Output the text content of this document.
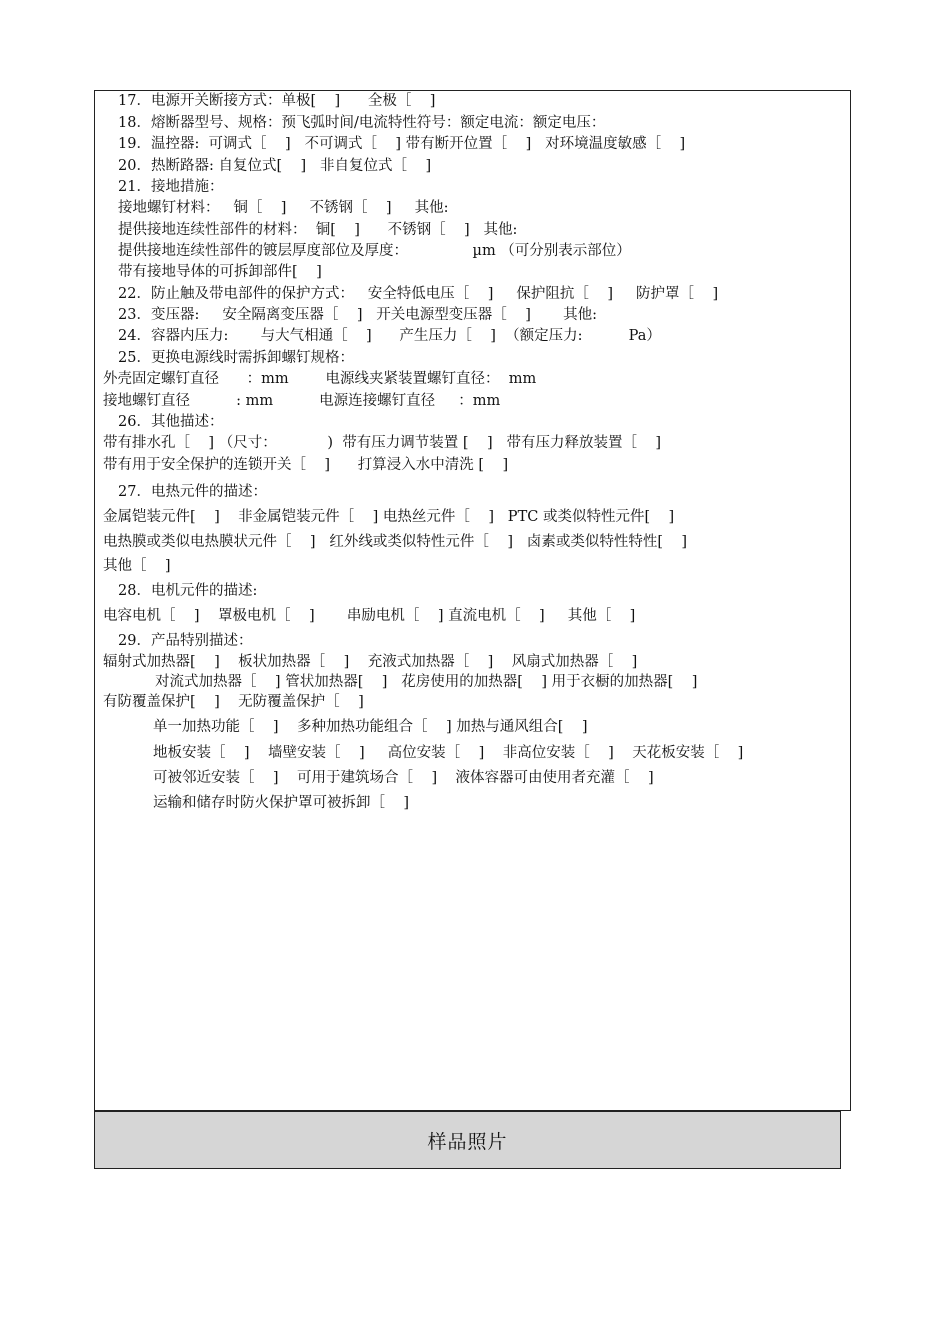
17．电源开关断接方式：单极[    ]      全极［    ]
18．熔断器型号、规格：预飞弧时间/电流特性符号：额定电流：额定电压：
19．温控器:  可调式［    ]   不可调式［    ] 带有断开位置［    ]   对环境温度敏感［    ]
20．热断路器: 自复位式[    ]   非自复位式［    ]
21．接地措施：
接地螺钉材料：   铜［    ]     不锈钢［    ]     其他:
提供接地连续性部件的材料：  铜[    ]      不锈钢［    ]   其他:
提供接地连续性部件的镀层厚度部位及厚度：              µm （可分别表示部位）
带有接地导体的可拆卸部件[    ]
22．防止触及带电部件的保护方式：   安全特低电压［    ]     保护阻抗［    ]     防护罩［    ]
23．变压器:     安全隔离变压器［    ]   开关电源型变压器［    ]       其他:
24．容器内压力:       与大气相通［    ]      产生压力［    ]  （额定压力:          Pa）
25．更换电源线时需拆卸螺钉规格：
外壳固定螺钉直径      ：mm        电源线夹紧装置螺钉直径：  mm
接地螺钉直径          : mm          电源连接螺钉直径     ：mm
26．其他描述：
带有排水孔［    ] （尺寸：           )  带有压力调节装置 [    ]   带有压力释放装置［    ]
带有用于安全保护的连锁开关［    ]      打算浸入水中清洗 [    ]
27．电热元件的描述：
金属铠装元件[    ]    非金属铠装元件［    ] 电热丝元件［    ]   PTC 或类似特性元件[    ]
电热膜或类似电热膜状元件［    ]   红外线或类似特性元件［    ]   卤素或类似特性特性[    ]
其他［    ]
28．电机元件的描述:
电容电机［    ]    罩极电机［    ]       串励电机［    ] 直流电机［    ]     其他［    ]
29．产品特别描述：
辐射式加热器[    ]    板状加热器［    ]    充液式加热器［    ]    风扇式加热器［    ]
对流式加热器［    ] 管状加热器[    ]   花房使用的加热器[    ] 用于衣橱的加热器[    ]
有防覆盖保护[    ]    无防覆盖保护［    ]
单一加热功能［    ]    多种加热功能组合［    ] 加热与通风组合[    ]
地板安装［    ]    墙壁安装［    ]     高位安装［    ]    非高位安装［    ]    天花板安装［    ]
可被邻近安装［    ]    可用于建筑场合［    ]    液体容器可由使用者充灌［    ]
运输和储存时防火保护罩可被拆卸［    ]
样品照片
